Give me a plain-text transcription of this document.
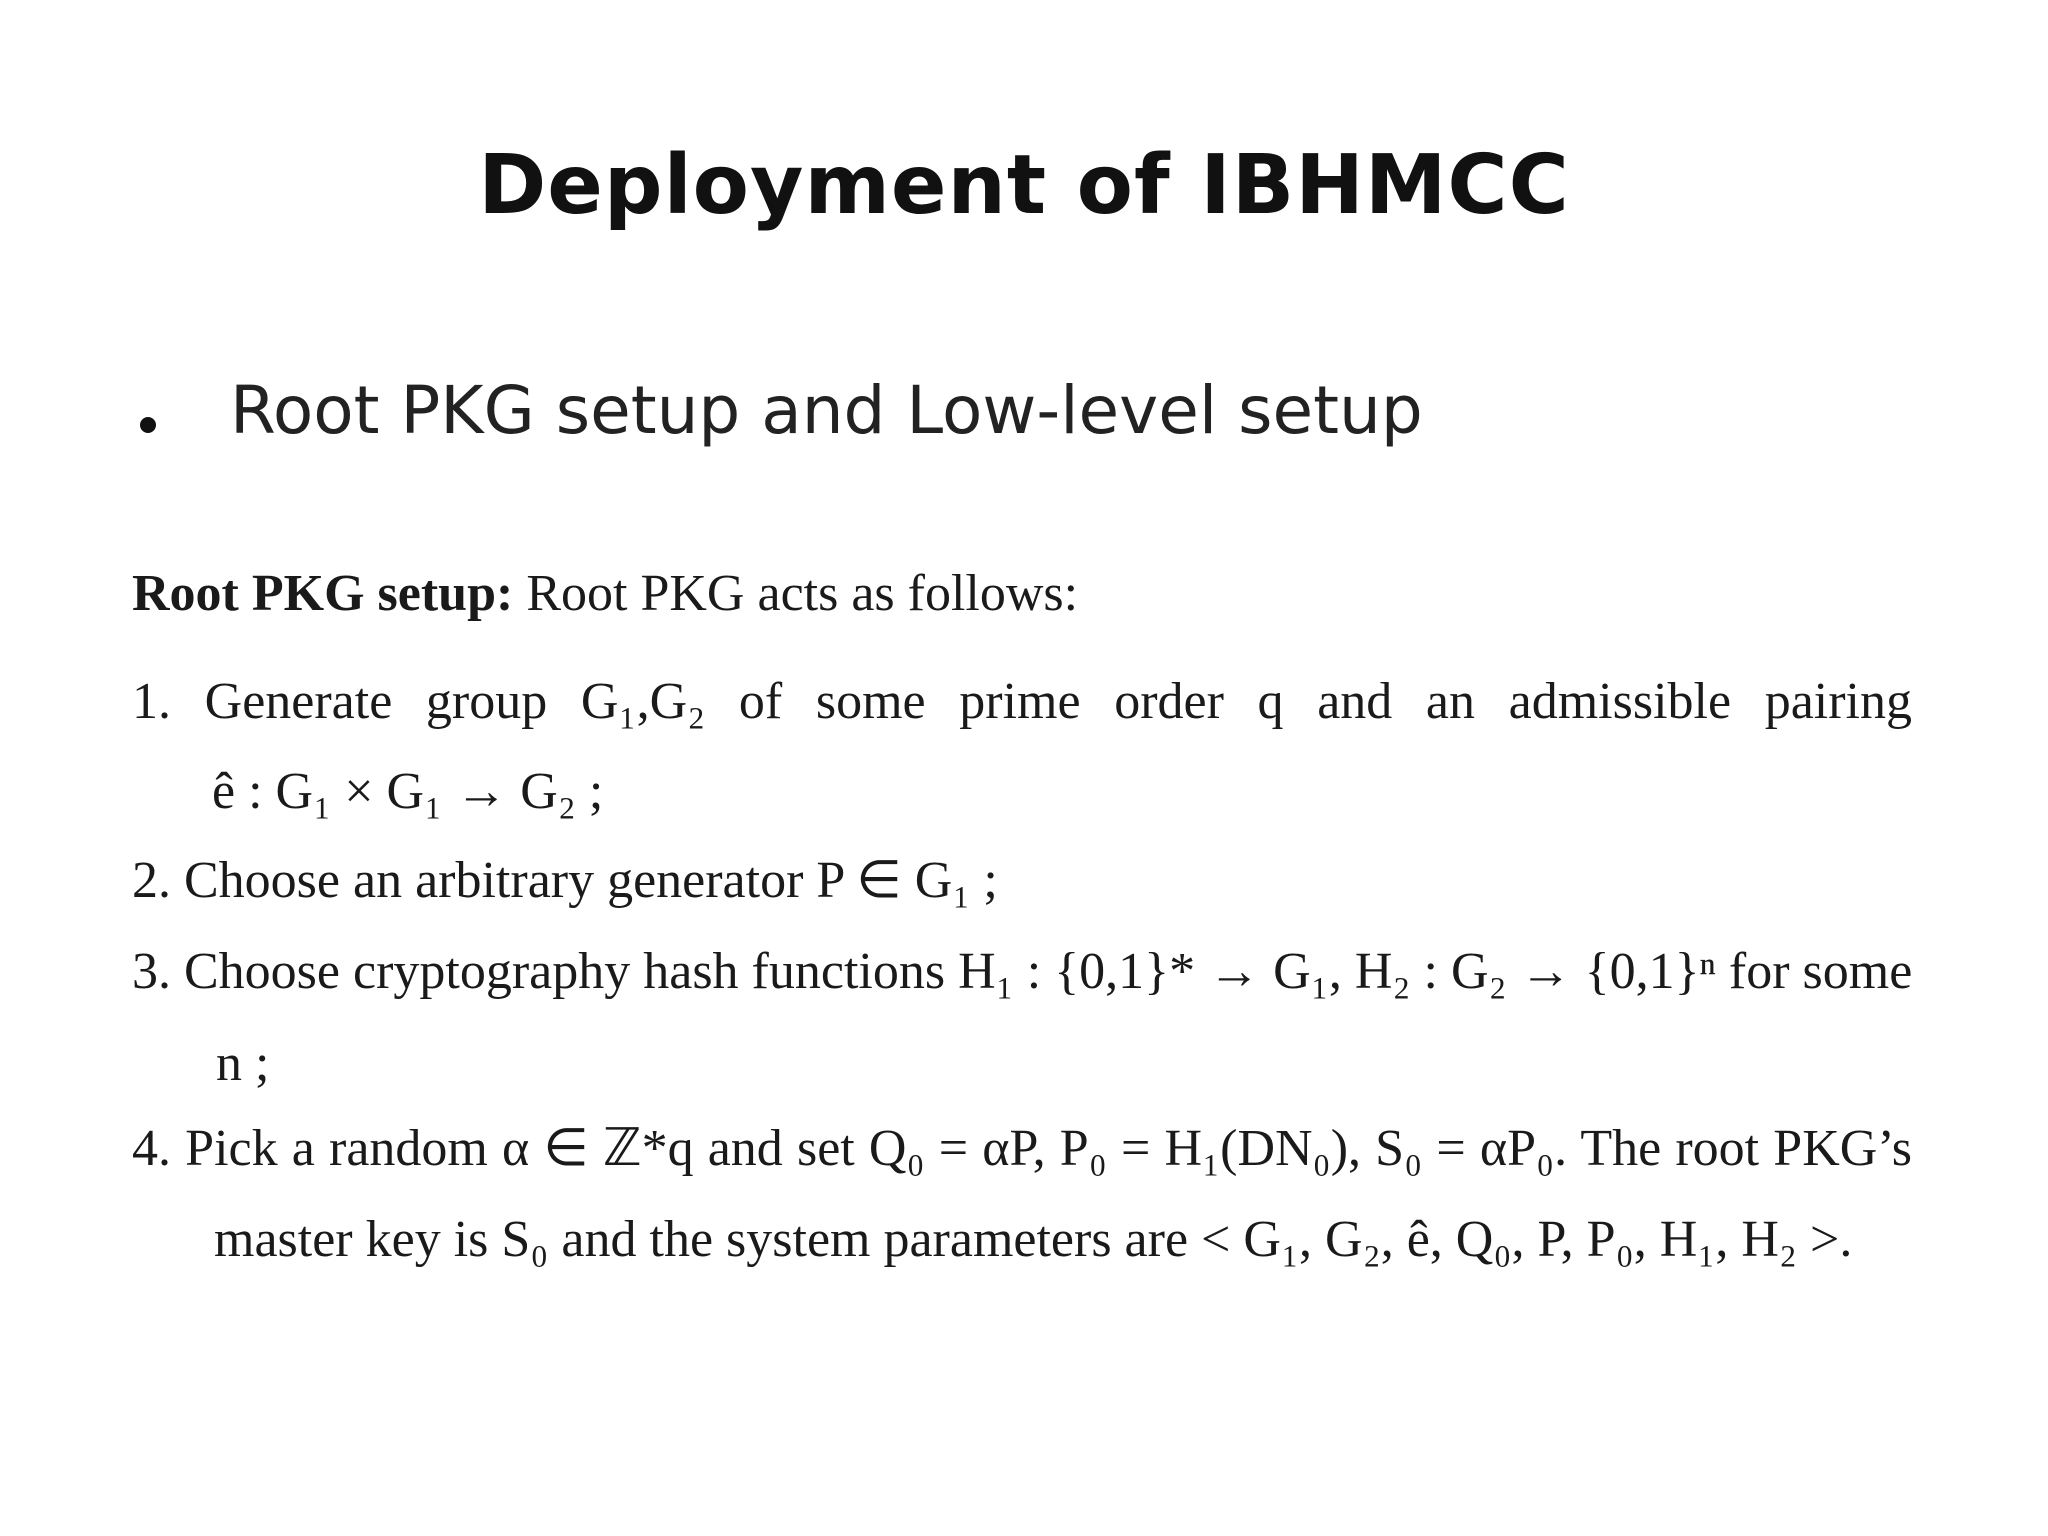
Deployment of IBHMCC
Root PKG setup and Low-level setup
Root PKG setup: Root PKG acts as follows:
1. Generate group G₁,G₂ of some prime order q and an admissible pairing
ê : G₁ × G₁ → G₂ ;
2. Choose an arbitrary generator P ∈ G₁ ;
3. Choose cryptography hash functions H₁ : {0,1}* → G₁, H₂ : G₂ → {0,1}ⁿ for some
n ;
4. Pick a random α ∈ ℤ*q and set Q₀ = αP, P₀ = H₁(DN₀), S₀ = αP₀. The root PKG’s
master key is S₀ and the system parameters are < G₁, G₂, ê, Q₀, P, P₀, H₁, H₂ >.
